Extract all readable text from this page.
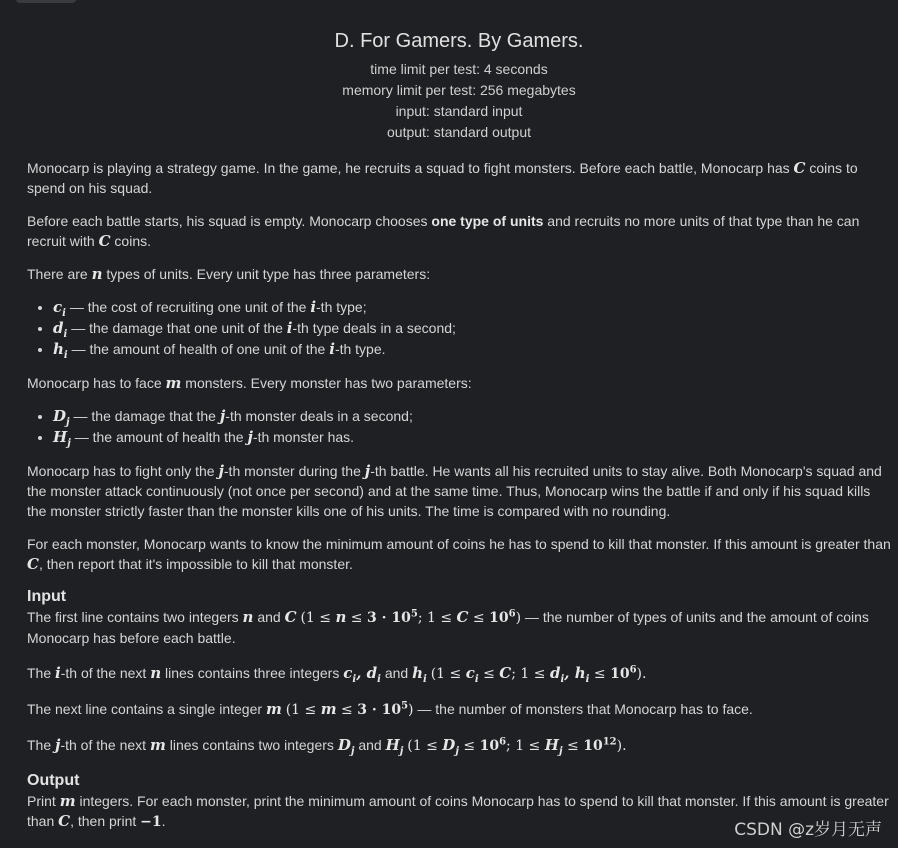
D. For Gamers. By Gamers.
time limit per test: 4 seconds
memory limit per test: 256 megabytes
input: standard input
output: standard output

Monocarp is playing a strategy game. In the game, he recruits a squad to fight monsters. Before each battle, Monocarp has C coins to spend on his squad.

Before each battle starts, his squad is empty. Monocarp chooses one type of units and recruits no more units of that type than he can recruit with C coins.

There are n types of units. Every unit type has three parameters:

• $c_i$ — the cost of recruiting one unit of the i-th type;
• $d_i$ — the damage that one unit of the i-th type deals in a second;
• $h_i$ — the amount of health of one unit of the i-th type.

Monocarp has to face m monsters. Every monster has two parameters:

• $D_j$ — the damage that the j-th monster deals in a second;
• $H_j$ — the amount of health the j-th monster has.

Monocarp has to fight only the j-th monster during the j-th battle. He wants all his recruited units to stay alive. Both Monocarp's squad and the monster attack continuously (not once per second) and at the same time. Thus, Monocarp wins the battle if and only if his squad kills the monster strictly faster than the monster kills one of his units. The time is compared with no rounding.

For each monster, Monocarp wants to know the minimum amount of coins he has to spend to kill that monster. If this amount is greater than C, then report that it's impossible to kill that monster.

Input

The first line contains two integers n and C ($1 \le n \le 3 \cdot 10^5$; $1 \le C \le 10^6$) — the number of types of units and the amount of coins Monocarp has before each battle.

The i-th of the next n lines contains three integers $c_i$, $d_i$ and $h_i$ ($1 \le c_i \le C$; $1 \le d_i$, $h_i \le 10^6$).

The next line contains a single integer m $(1 \le m \le 3 \cdot 10^5)$ — the number of monsters that Monocarp has to face.

The j-th of the next m lines contains two integers $D_j$ and $H_j$ ($1 \le D_j \le 10^6$; $1 \le H_j \le 10^{12}$).

Output

Print m integers. For each monster, print the minimum amount of coins Monocarp has to spend to kill that monster. If this amount is greater than C, then print −1.	CSDN @z岁月无声
